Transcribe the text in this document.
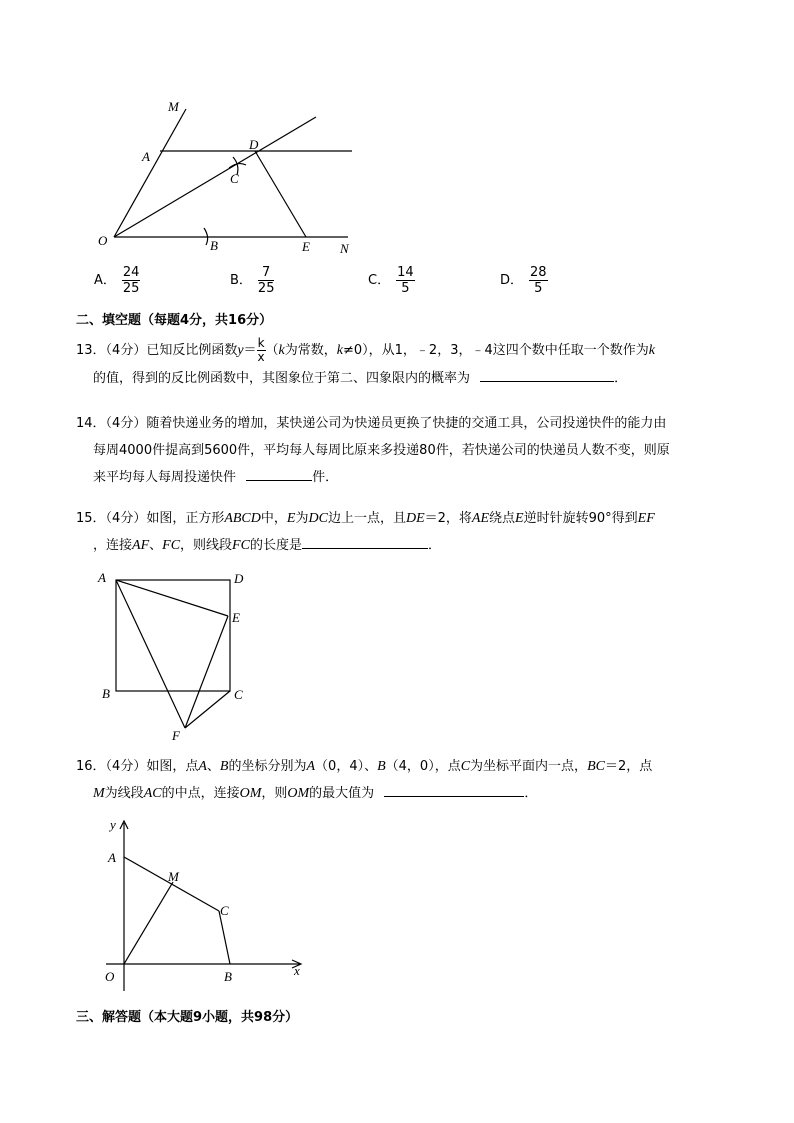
M
A
D
C
O	B	E N
A． $\frac{24}{25}$	B． $\frac{7}{25}$	C． $\frac{14}{5}$	D． $\frac{28}{5}$
二、填空题（每题4分，共16分）
13．（4分）已知反比例函数$y= \frac{k}{x} (k$为常数，k≠0），从1，﹣2，3，﹣4这四个数中任取一个数作为k
的值，得到的反比例函数中，其图象位于第二、四象限内的概率为	．
14．（4分）随着快递业务的增加，某快递公司为快递员更换了快捷的交通工具，公司投递快件的能力由
每周4000件提高到5600件，平均每人每周比原来多投递80件，若快递公司的快递员人数不变，则原
来平均每人每周投递快件	件．
15．（4分）如图，正方形ABCD中，E为DC边上一点，且DE＝2，将AE绕点E逆时针旋转90°得到EF
，连接AF、FC，则线段FC的长度是	．
A	D
E
B	C
F
16．（4分）如图，点A、B的坐标分别为A（0，4）、B（4，0），点C为坐标平面内一点，BC＝2，点
M为线段AC的中点，连接OM，则OM的最大值为	．
y
A
M
C
O	B	x
三、解答题（本大题9小题，共98分）
